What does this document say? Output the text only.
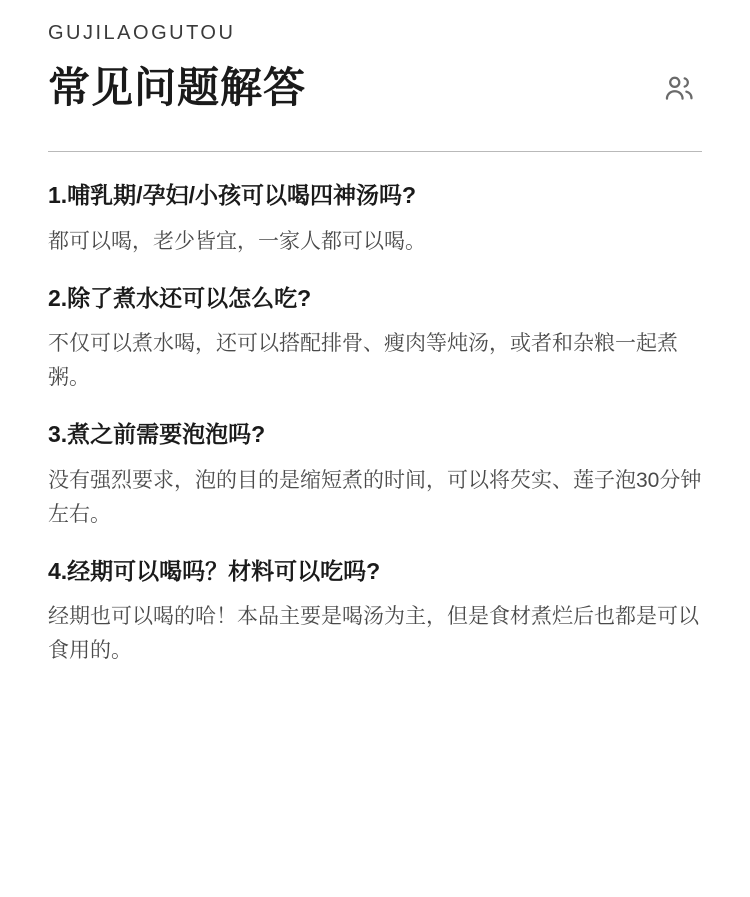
GUJILAOGUTOU
常见问题解答
1.哺乳期/孕妇/小孩可以喝四神汤吗?
都可以喝，老少皆宜，一家人都可以喝。
2.除了煮水还可以怎么吃?
不仅可以煮水喝，还可以搭配排骨、瘦肉等炖汤，或者和杂粮一起煮粥。
3.煮之前需要泡泡吗?
没有强烈要求，泡的目的是缩短煮的时间，可以将芡实、莲子泡30分钟左右。
4.经期可以喝吗？材料可以吃吗?
经期也可以喝的哈！本品主要是喝汤为主，但是食材煮烂后也都是可以食用的。
